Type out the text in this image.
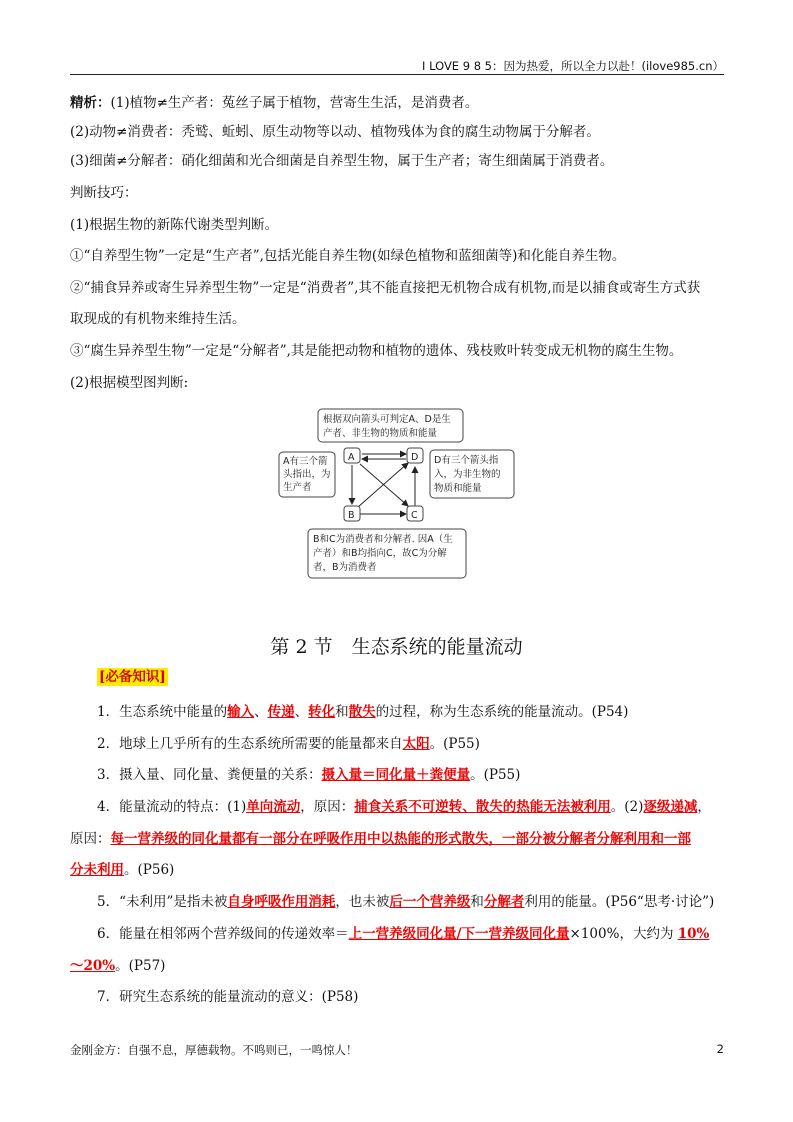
I LOVE 9 8 5：因为热爱，所以全力以赴！(ilove985.cn）
精析：(1)植物≠生产者：菟丝子属于植物，营寄生生活，是消费者。
(2)动物≠消费者：秃鹫、蚯蚓、原生动物等以动、植物残体为食的腐生动物属于分解者。
(3)细菌≠分解者：硝化细菌和光合细菌是自养型生物，属于生产者；寄生细菌属于消费者。
判断技巧：
(1)根据生物的新陈代谢类型判断。
①“自养型生物”一定是“生产者”,包括光能自养生物(如绿色植物和蓝细菌等)和化能自养生物。
②“捕食异养或寄生异养型生物”一定是“消费者”,其不能直接把无机物合成有机物,而是以捕食或寄生方式获
取现成的有机物来维持生活。
③“腐生异养型生物”一定是“分解者”,其是能把动物和植物的遗体、残枝败叶转变成无机物的腐生生物。
(2)根据模型图判断:
根据双向箭头可判定A、D是生
产者、非生物的物质和能量
A有三个箭
头指出，为
生产者
D有三个箭头指
入，为非生物的
物质和能量
B和C为消费者和分解者. 因A（生
产者）和B均指向C，故C为分解
者，B为消费者
A	D
B	C
第 2 节　生态系统的能量流动
[必备知识]
1．生态系统中能量的输入、传递、转化和散失的过程，称为生态系统的能量流动。(P54)
2．地球上几乎所有的生态系统所需要的能量都来自太阳。(P55)
3．摄入量、同化量、粪便量的关系：摄入量＝同化量＋粪便量。(P55)
4．能量流动的特点：(1)单向流动，原因：捕食关系不可逆转、散失的热能无法被利用。(2)逐级递减，
原因：每一营养级的同化量都有一部分在呼吸作用中以热能的形式散失，一部分被分解者分解利用和一部
分未利用。(P56)
5．“未利用”是指未被自身呼吸作用消耗，也未被后一个营养级和分解者利用的能量。(P56“思考·讨论”)
6．能量在相邻两个营养级间的传递效率＝上一营养级同化量/下一营养级同化量×100%，大约为 10%
～20%。(P57)
7．研究生态系统的能量流动的意义：(P58)
金刚金方：自强不息，厚德载物。不鸣则已，一鸣惊人！	2
